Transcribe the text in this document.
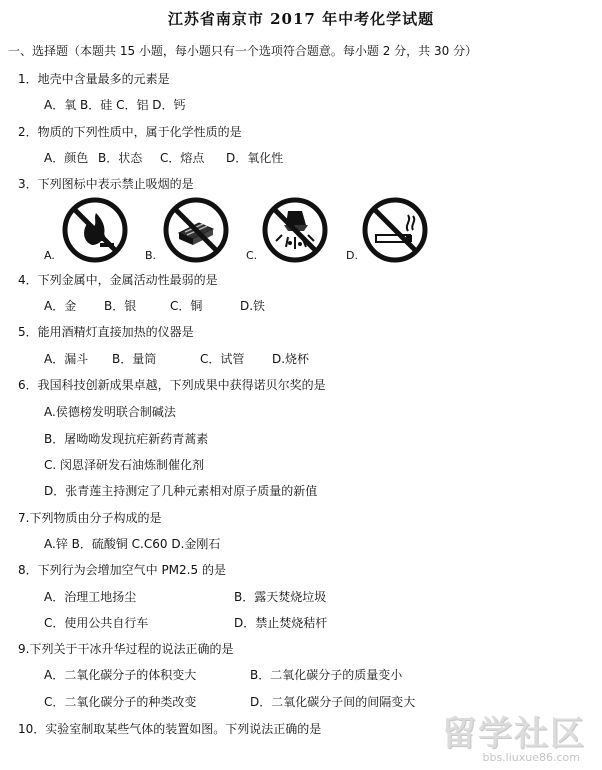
江苏省南京市 2017 年中考化学试题
一、选择题（本题共 15 小题，每小题只有一个选项符合题意。每小题 2 分，共 30 分）
1．地壳中含量最多的元素是
A．氧 B．硅 C．铝 D．钙
2．物质的下列性质中，属于化学性质的是
A．颜色 B．状态 C．熔点 D．氧化性
3．下列图标中表示禁止吸烟的是
A.	B.	C.	D.
4．下列金属中，金属活动性最弱的是
A．金 B．银	C．铜	D.铁
5．能用酒精灯直接加热的仪器是
A．漏斗 B．量筒	C．试管 D.烧杯
6．我国科技创新成果卓越，下列成果中获得诺贝尔奖的是
A.侯德榜发明联合制碱法
B．屠呦呦发现抗疟新药青蒿素
C. 闵恩泽研发石油炼制催化剂
D．张青莲主持测定了几种元素相对原子质量的新值
7.下列物质由分子构成的是
A.锌 B．硫酸铜 C.C60 D.金刚石
8．下列行为会增加空气中 PM2.5 的是
A．治理工地扬尘	B．露天焚烧垃圾
C．使用公共自行车	D．禁止焚烧秸杆
9.下列关于干冰升华过程的说法正确的是
A．二氧化碳分子的体积变大	B．二氧化碳分子的质量变小
C．二氧化碳分子的种类改变	D．二氧化碳分子间的间隔变大
10．实验室制取某些气体的装置如图。下列说法正确的是	留学社区
bbs.liuxue86.com
